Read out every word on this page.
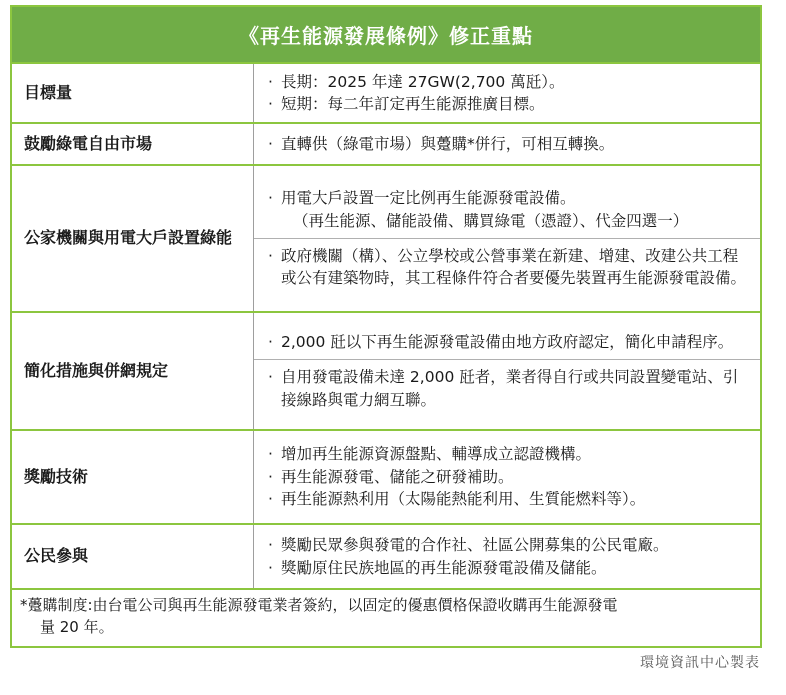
《再生能源發展條例》修正重點
目標量	· 長期：2025 年達 27GW(2,700 萬瓩）。
· 短期：每二年訂定再生能源推廣目標。

鼓勵綠電自由市場	· 直轉供（綠電市場）與躉購*併行，可相互轉換。

公家機關與用電大戶設置綠能	· 用電大戶設置一定比例再生能源發電設備。
（再生能源、儲能設備、購買綠電（憑證）、代金四選一）
· 政府機關（構）、公立學校或公營事業在新建、增建、改建公共工程或公有建築物時，其工程條件符合者要優先裝置再生能源發電設備。

簡化措施與併網規定	· 2,000 瓩以下再生能源發電設備由地方政府認定，簡化申請程序。
· 自用發電設備未達 2,000 瓩者，業者得自行或共同設置變電站、引接線路與電力網互聯。

獎勵技術	· 增加再生能源資源盤點、輔導成立認證機構。
· 再生能源發電、儲能之研發補助。
· 再生能源熱利用（太陽能熱能利用、生質能燃料等）。

公民參與	· 獎勵民眾參與發電的合作社、社區公開募集的公民電廠。
· 獎勵原住民族地區的再生能源發電設備及儲能。
*躉購制度:由台電公司與再生能源發電業者簽約，以固定的優惠價格保證收購再生能源發電
量 20 年。
環境資訊中心製表
